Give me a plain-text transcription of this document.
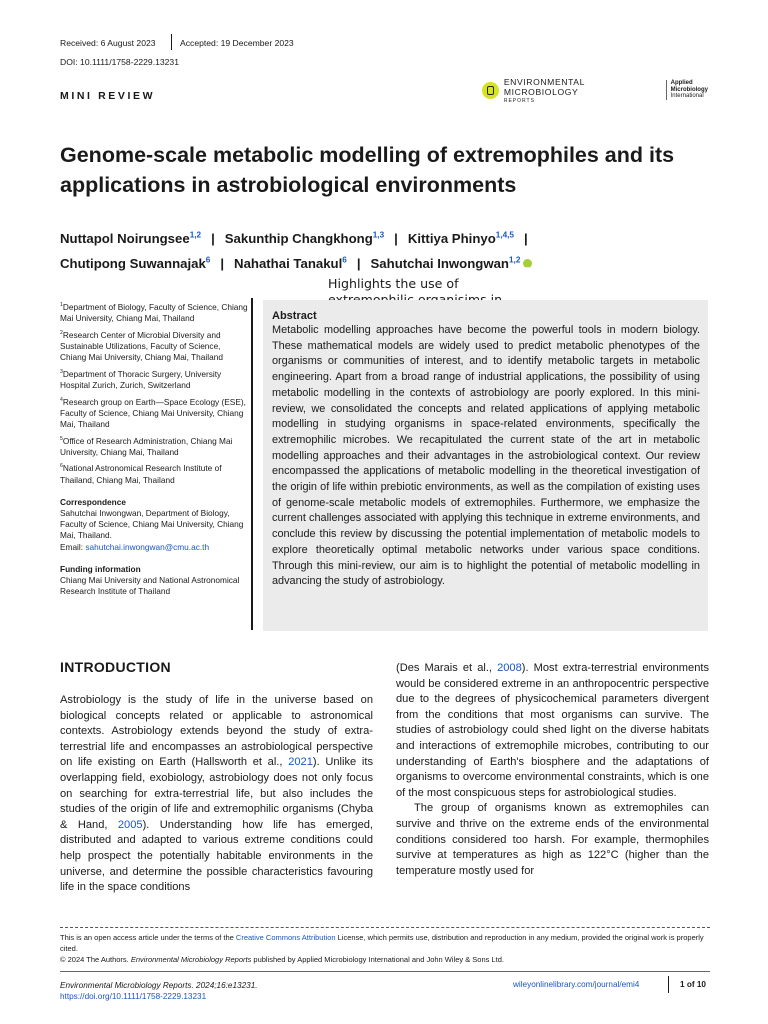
Received: 6 August 2023	Accepted: 19 December 2023
DOI: 10.1111/1758-2229.13231
MINI REVIEW
ENVIRONMENTAL MICROBIOLOGY
REPORTS
Applied
Microbiology
International
Genome-scale metabolic modelling of extremophiles and its applications in astrobiological environments
Nuttapol Noirungsee$^{1,2}$ | Sakunthip Changkhong$^{1,3}$ | Kittiya Phinyo$^{1,4,5}$ |
Chutipong Suwannajak$^6$ | Nahathai Tanakul$^6$ | Sahutchai Inwongwan$^{1,2}$iD
Highlights the use of
$^1$Department of Biology, Faculty of Science, Chiang Mai University, Chiang Mai, Thailand
$^2$Research Center of Microbial Diversity and Sustainable Utilizations, Faculty of Science, Chiang Mai University, Chiang Mai, Thailand
$^3$Department of Thoracic Surgery, University Hospital Zurich, Zurich, Switzerland
$^4$Research group on Earth—Space Ecology (ESE), Faculty of Science, Chiang Mai University, Chiang Mai, Thailand
$^5$Office of Research Administration, Chiang Mai University, Chiang Mai, Thailand
$^6$National Astronomical Research Institute of Thailand, Chiang Mai, Thailand
Correspondence
Sahutchai Inwongwan, Department of Biology, Faculty of Science, Chiang Mai University, Chiang Mai, Thailand.
Email: sahutchai.inwongwan@cmu.ac.th
Funding information
Chiang Mai University and National Astronomical Research Institute of Thailand
Abstract
Metabolic modelling approaches have become the powerful tools in modern biology. These mathematical models are widely used to predict metabolic phenotypes of the organisms or communities of interest, and to identify metabolic targets in metabolic engineering. Apart from a broad range of industrial applications, the possibility of using metabolic modelling in the contexts of astrobiology are poorly explored. In this mini-review, we consolidated the concepts and related applications of applying metabolic modelling in studying organisms in space-related environments, specifically the extremophilic microbes. We recapitulated the current state of the art in metabolic modelling approaches and their advantages in the astrobiological context. Our review encompassed the applications of metabolic modelling in the theoretical investigation of the origin of life within prebiotic environments, as well as the compilation of existing uses of genome-scale metabolic models of extremophiles. Furthermore, we emphasize the current challenges associated with applying this technique in extreme environments, and conclude this review by discussing the potential implementation of metabolic models to explore theoretically optimal metabolic networks under various space conditions. Through this mini-review, our aim is to highlight the potential of metabolic modelling in advancing the study of astrobiology.
INTRODUCTION

Astrobiology is the study of life in the universe based on biological concepts related or applicable to astronomical contexts. Astrobiology extends beyond the study of extra-terrestrial life and encompasses an astrobiological perspective on life existing on Earth (Hallsworth et al., 2021). Unlike its overlapping field, exobiology, astrobiology does not only focus on searching for extra-terrestrial life, but also includes the studies of the origin of life and extremophilic organisms (Chyba & Hand, 2005). Understanding how life has emerged, distributed and adapted to various extreme conditions could help prospect the potentially habitable environments in the universe, and determine the possible characteristics favouring life in the space conditions

(Des Marais et al., 2008). Most extra-terrestrial environments would be considered extreme in an anthropocentric perspective due to the degrees of physicochemical parameters divergent from the conditions that most organisms can survive. The studies of astrobiology could shed light on the diverse habitats and interactions of extremophile microbes, contributing to our understanding of Earth's biosphere and the adaptations of organisms to overcome environmental constraints, which is one of the most conspicuous steps for astrobiological studies.

The group of organisms known as extremophiles can survive and thrive on the extreme ends of the environmental conditions considered too harsh. For example, thermophiles survive at temperatures as high as 122°C (higher than the temperature mostly used for

This is an open access article under the terms of the Creative Commons Attribution License, which permits use, distribution and reproduction in any medium, provided the original work is properly cited.
© 2024 The Authors. Environmental Microbiology Reports published by Applied Microbiology International and John Wiley & Sons Ltd.
Environmental Microbiology Reports. 2024;16:e13231.
https://doi.org/10.1111/1758-2229.13231
wileyonlinelibrary.com/journal/emi4	1 of 10
